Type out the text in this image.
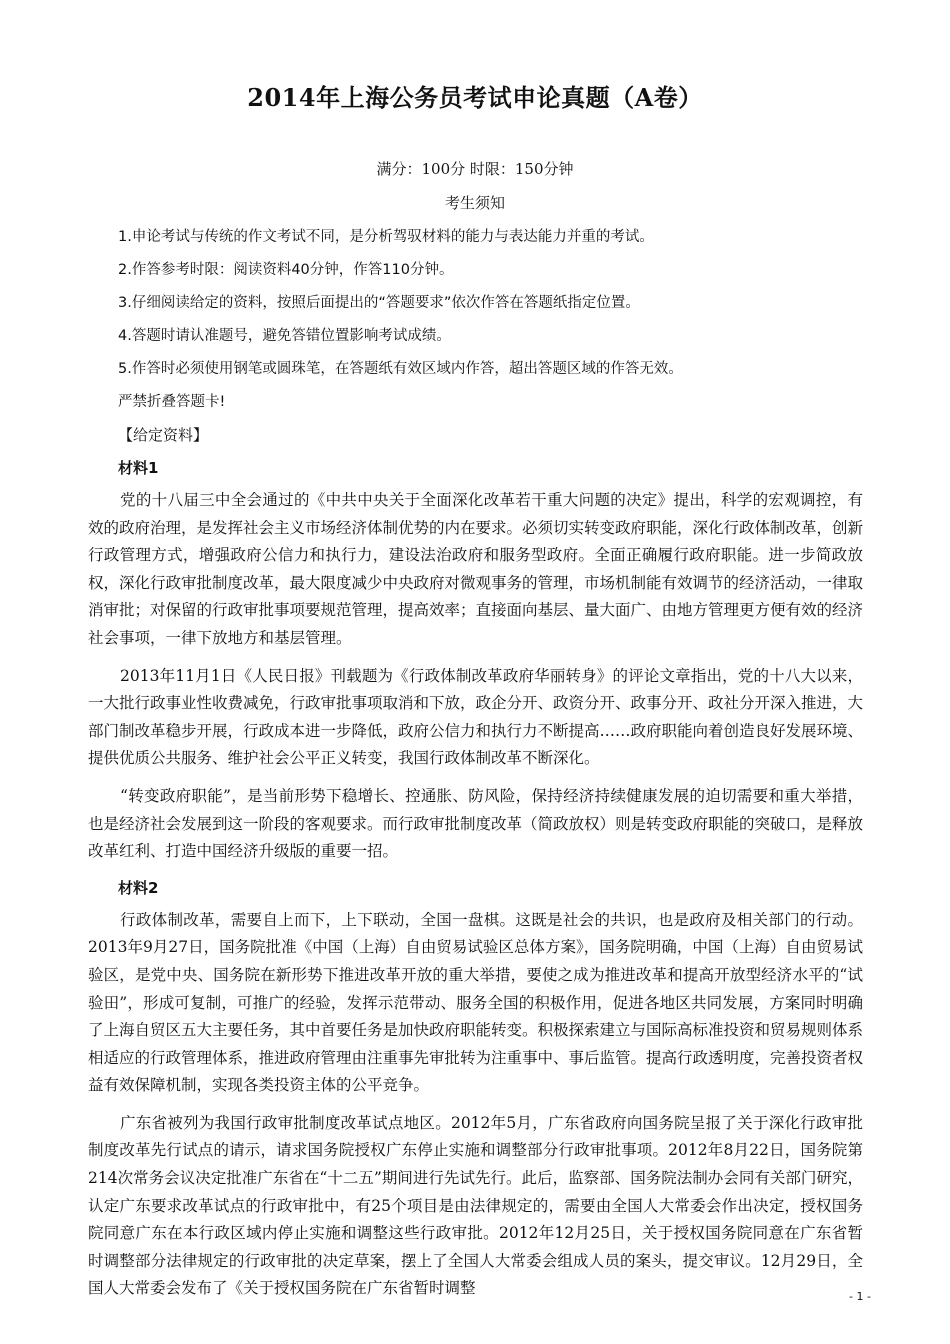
2014年上海公务员考试申论真题（A卷）
满分：100分 时限：150分钟
考生须知
1.申论考试与传统的作文考试不同，是分析驾驭材料的能力与表达能力并重的考试。
2.作答参考时限：阅读资料40分钟，作答110分钟。
3.仔细阅读给定的资料，按照后面提出的“答题要求”依次作答在答题纸指定位置。
4.答题时请认准题号，避免答错位置影响考试成绩。
5.作答时必须使用钢笔或圆珠笔，在答题纸有效区域内作答，超出答题区域的作答无效。
严禁折叠答题卡!
【给定资料】
材料1

党的十八届三中全会通过的《中共中央关于全面深化改革若干重大问题的决定》提出，科学的宏观调控，有效的政府治理，是发挥社会主义市场经济体制优势的内在要求。必须切实转变政府职能，深化行政体制改革，创新行政管理方式，增强政府公信力和执行力，建设法治政府和服务型政府。全面正确履行政府职能。进一步简政放权，深化行政审批制度改革，最大限度减少中央政府对微观事务的管理，市场机制能有效调节的经济活动，一律取消审批；对保留的行政审批事项要规范管理，提高效率；直接面向基层、量大面广、由地方管理更方便有效的经济社会事项，一律下放地方和基层管理。

2013年11月1日《人民日报》刊载题为《行政体制改革政府华丽转身》的评论文章指出，党的十八大以来，一大批行政事业性收费减免，行政审批事项取消和下放，政企分开、政资分开、政事分开、政社分开深入推进，大部门制改革稳步开展，行政成本进一步降低，政府公信力和执行力不断提高……政府职能向着创造良好发展环境、提供优质公共服务、维护社会公平正义转变，我国行政体制改革不断深化。

“转变政府职能”，是当前形势下稳增长、控通胀、防风险，保持经济持续健康发展的迫切需要和重大举措，也是经济社会发展到这一阶段的客观要求。而行政审批制度改革（简政放权）则是转变政府职能的突破口，是释放改革红利、打造中国经济升级版的重要一招。

材料2

行政体制改革，需要自上而下，上下联动，全国一盘棋。这既是社会的共识，也是政府及相关部门的行动。2013年9月27日，国务院批准《中国（上海）自由贸易试验区总体方案》，国务院明确，中国（上海）自由贸易试验区，是党中央、国务院在新形势下推进改革开放的重大举措，要使之成为推进改革和提高开放型经济水平的“试验田”，形成可复制，可推广的经验，发挥示范带动、服务全国的积极作用，促进各地区共同发展，方案同时明确了上海自贸区五大主要任务，其中首要任务是加快政府职能转变。积极探索建立与国际高标准投资和贸易规则体系相适应的行政管理体系，推进政府管理由注重事先审批转为注重事中、事后监管。提高行政透明度，完善投资者权益有效保障机制，实现各类投资主体的公平竞争。

广东省被列为我国行政审批制度改革试点地区。2012年5月，广东省政府向国务院呈报了关于深化行政审批制度改革先行试点的请示，请求国务院授权广东停止实施和调整部分行政审批事项。2012年8月22日，国务院第214次常务会议决定批准广东省在“十二五”期间进行先试先行。此后，监察部、国务院法制办会同有关部门研究，认定广东要求改革试点的行政审批中，有25个项目是由法律规定的，需要由全国人大常委会作出决定，授权国务院同意广东在本行政区域内停止实施和调整这些行政审批。2012年12月25日，关于授权国务院同意在广东省暂时调整部分法律规定的行政审批的决定草案，摆上了全国人大常委会组成人员的案头，提交审议。12月29日，全国人大常委会发布了《关于授权国务院在广东省暂时调整	- 1 -
